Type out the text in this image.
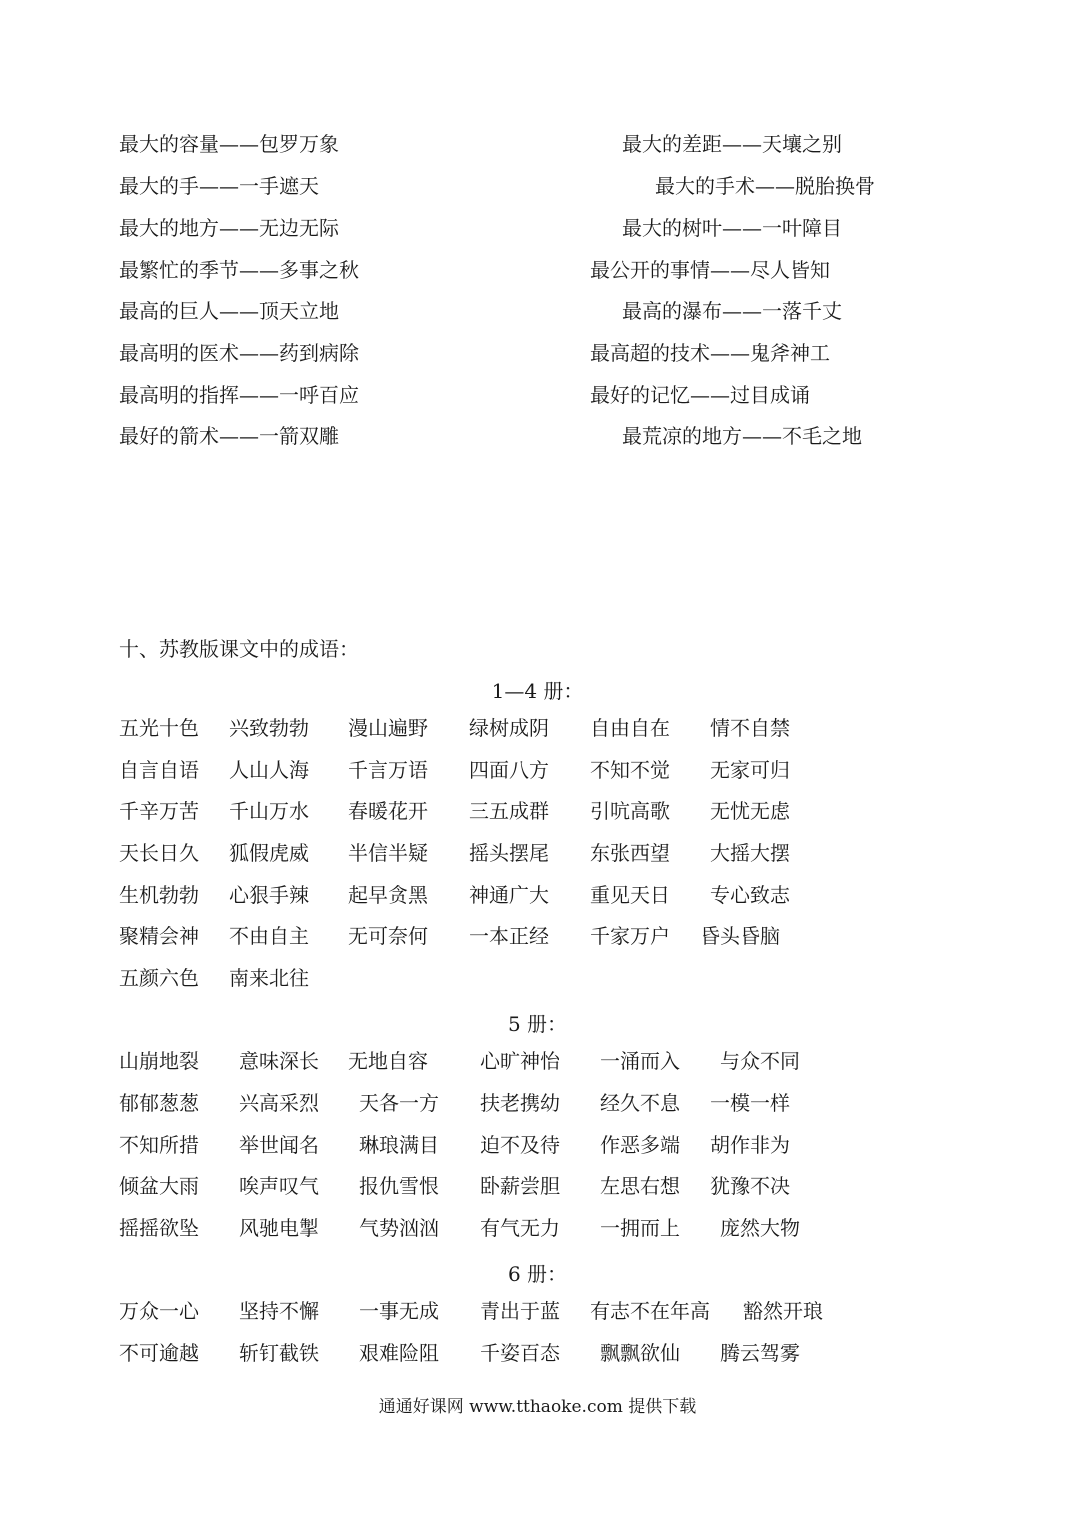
最大的容量——包罗万象	最大的差距——天壤之别
最大的手——一手遮天	最大的手术——脱胎换骨
最大的地方——无边无际	最大的树叶——一叶障目
最繁忙的季节——多事之秋	最公开的事情——尽人皆知
最高的巨人——顶天立地	最高的瀑布——一落千丈
最高明的医术——药到病除	最高超的技术——鬼斧神工
最高明的指挥——一呼百应	最好的记忆——过目成诵
最好的箭术——一箭双雕	最荒凉的地方——不毛之地
十、苏教版课文中的成语：
1—4 册：
五光十色 兴致勃勃 漫山遍野 绿树成阴 自由自在 情不自禁
自言自语 人山人海 千言万语 四面八方 不知不觉 无家可归
千辛万苦 千山万水 春暖花开 三五成群 引吭高歌 无忧无虑
天长日久 狐假虎威 半信半疑 摇头摆尾 东张西望 大摇大摆
生机勃勃 心狠手辣 起早贪黑 神通广大 重见天日 专心致志
聚精会神 不由自主 无可奈何 一本正经 千家万户 昏头昏脑
五颜六色 南来北往
5 册：
山崩地裂 意味深长 无地自容	心旷神怡 一涌而入 与众不同
郁郁葱葱 兴高采烈 天各一方 扶老携幼 经久不息 一模一样
不知所措 举世闻名 琳琅满目 迫不及待 作恶多端 胡作非为
倾盆大雨 唉声叹气 报仇雪恨 卧薪尝胆 左思右想 犹豫不决
摇摇欲坠 风驰电掣 气势汹汹 有气无力 一拥而上 庞然大物
6 册：
万众一心 坚持不懈 一事无成 青出于蓝 有志不在年高 豁然开琅
不可逾越 斩钉截铁 艰难险阻 千姿百态 飘飘欲仙 腾云驾雾
通通好课网 www.tthaoke.com 提供下载
